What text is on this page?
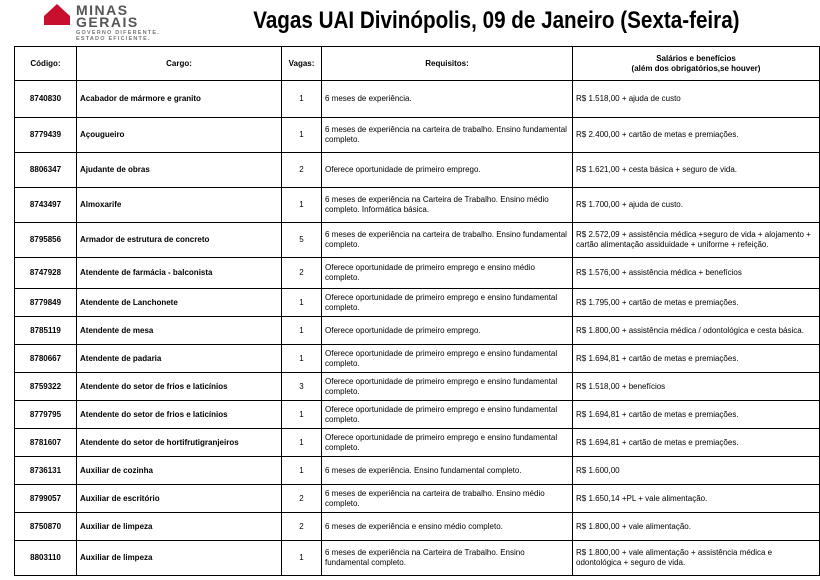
MINAS
GERAIS
GOVERNO DIFERENTE.
ESTADO EFICIENTE.
Vagas UAI Divinópolis, 09 de Janeiro (Sexta-feira)
Código:	Cargo:	Vagas:	Requisitos:	Salários e benefícios
(além dos obrigatórios,se houver)

8740830	Acabador de mármore e granito	1	6 meses de experiência.	R$ 1.518,00 + ajuda de custo
8779439	Açougueiro	1	6 meses de experiência na carteira de trabalho. Ensino fundamental completo.	R$ 2.400,00 + cartão de metas e premiações.
8806347	Ajudante de obras	2	Oferece oportunidade de primeiro emprego.	R$ 1.621,00 + cesta básica + seguro de vida.
8743497	Almoxarife	1	6 meses de experiência na Carteira de Trabalho. Ensino médio completo. Informática básica.	R$ 1.700,00 + ajuda de custo.
8795856	Armador de estrutura de concreto	5	6 meses de experiência na carteira de trabalho. Ensino fundamental completo.	R$ 2.572,09 + assistência médica +seguro de vida + alojamento + cartão alimentação assiduidade + uniforme + refeição.
8747928	Atendente de farmácia - balconista	2	Oferece oportunidade de primeiro emprego e ensino médio completo.	R$ 1.576,00 + assistência médica + benefícios
8779849	Atendente de Lanchonete	1	Oferece oportunidade de primeiro emprego e ensino fundamental completo.	R$ 1.795,00 + cartão de metas e premiações.
8785119	Atendente de mesa	1	Oferece oportunidade de primeiro emprego.	R$ 1.800,00 + assistência médica / odontológica e cesta básica.
8780667	Atendente de padaria	1	Oferece oportunidade de primeiro emprego e ensino fundamental completo.	R$ 1.694,81 + cartão de metas e premiações.
8759322	Atendente do setor de frios e laticínios	3	Oferece oportunidade de primeiro emprego e ensino fundamental completo.	R$ 1.518,00 + benefícios
8779795	Atendente do setor de frios e laticínios	1	Oferece oportunidade de primeiro emprego e ensino fundamental completo.	R$ 1.694,81 + cartão de metas e premiações.
8781607	Atendente do setor de hortifrutigranjeiros	1	Oferece oportunidade de primeiro emprego e ensino fundamental completo.	R$ 1.694,81 + cartão de metas e premiações.
8736131	Auxiliar de cozinha	1	6 meses de experiência. Ensino fundamental completo.	R$ 1.600,00
8799057	Auxiliar de escritório	2	6 meses de experiência na carteira de trabalho. Ensino médio completo.	R$ 1.650,14 +PL + vale alimentação.
8750870	Auxiliar de limpeza	2	6 meses de experiência e ensino médio completo.	R$ 1.800,00 + vale alimentação.
8803110	Auxiliar de limpeza	1	6 meses de experiência na Carteira de Trabalho. Ensino fundamental completo.	R$ 1.800,00 + vale alimentação + assistência médica e odontológica + seguro de vida.
